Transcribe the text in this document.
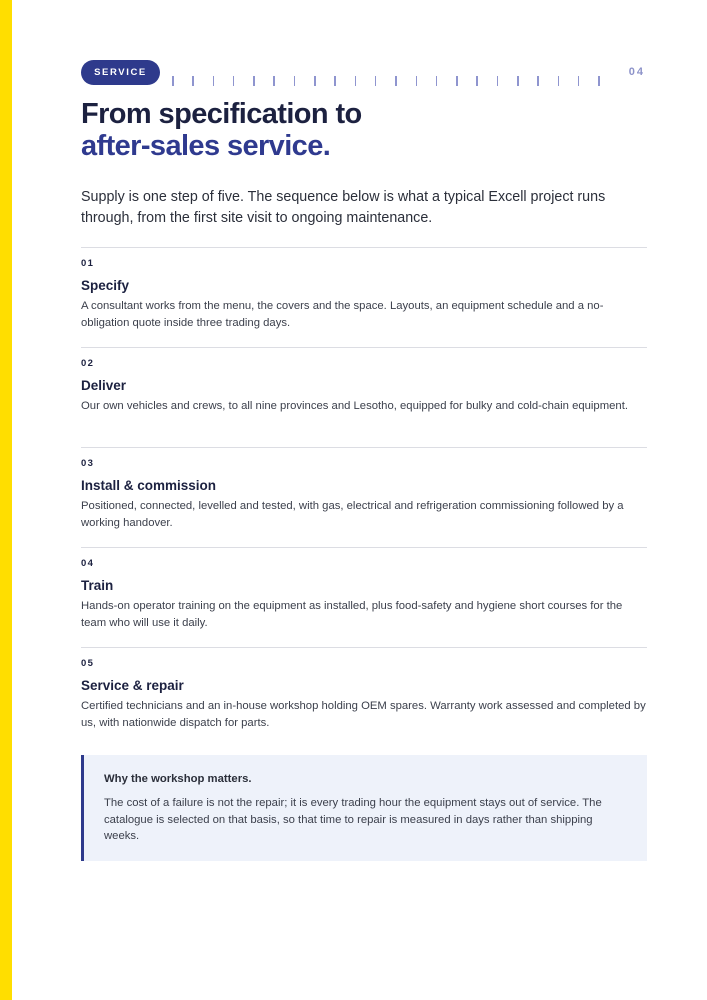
SERVICE	04
From specification to
after-sales service.

Supply is one step of five. The sequence below is what a typical Excell project runs through, from the first site visit to ongoing maintenance.

01
Specify
A consultant works from the menu, the covers and the space. Layouts, an equipment schedule and a no-obligation quote inside three trading days.
02
Deliver
Our own vehicles and crews, to all nine provinces and Lesotho, equipped for bulky and cold-chain equipment.
03
Install & commission
Positioned, connected, levelled and tested, with gas, electrical and refrigeration commissioning followed by a working handover.
04
Train
Hands-on operator training on the equipment as installed, plus food-safety and hygiene short courses for the team who will use it daily.
05
Service & repair
Certified technicians and an in-house workshop holding OEM spares. Warranty work assessed and completed by us, with nationwide dispatch for parts.
Why the workshop matters.
The cost of a failure is not the repair; it is every trading hour the equipment stays out of service. The catalogue is selected on that basis, so that time to repair is measured in days rather than shipping weeks.
